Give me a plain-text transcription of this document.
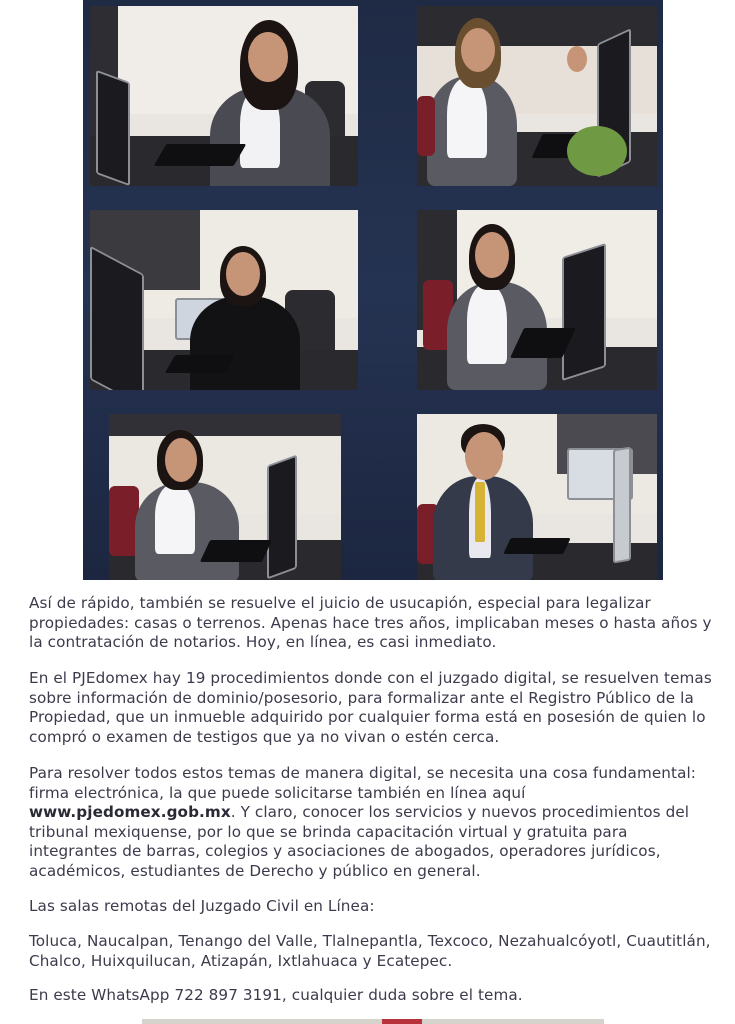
Así de rápido, también se resuelve el juicio de usucapión, especial para legalizar propiedades: casas o terrenos. Apenas hace tres años, implicaban meses o hasta años y la contratación de notarios. Hoy, en línea, es casi inmediato.

En el PJEdomex hay 19 procedimientos donde con el juzgado digital, se resuelven temas sobre información de dominio/posesorio, para formalizar ante el Registro Público de la Propiedad, que un inmueble adquirido por cualquier forma está en posesión de quien lo compró o examen de testigos que ya no vivan o estén cerca.

Para resolver todos estos temas de manera digital, se necesita una cosa fundamental: firma electrónica, la que puede solicitarse también en línea aquí www.pjedomex.gob.mx. Y claro, conocer los servicios y nuevos procedimientos del tribunal mexiquense, por lo que se brinda capacitación virtual y gratuita para integrantes de barras, colegios y asociaciones de abogados, operadores jurídicos, académicos, estudiantes de Derecho y público en general.

Las salas remotas del Juzgado Civil en Línea:

Toluca, Naucalpan, Tenango del Valle, Tlalnepantla, Texcoco, Nezahualcóyotl, Cuautitlán, Chalco, Huixquilucan, Atizapán, Ixtlahuaca y Ecatepec.

En este WhatsApp 722 897 3191, cualquier duda sobre el tema.
